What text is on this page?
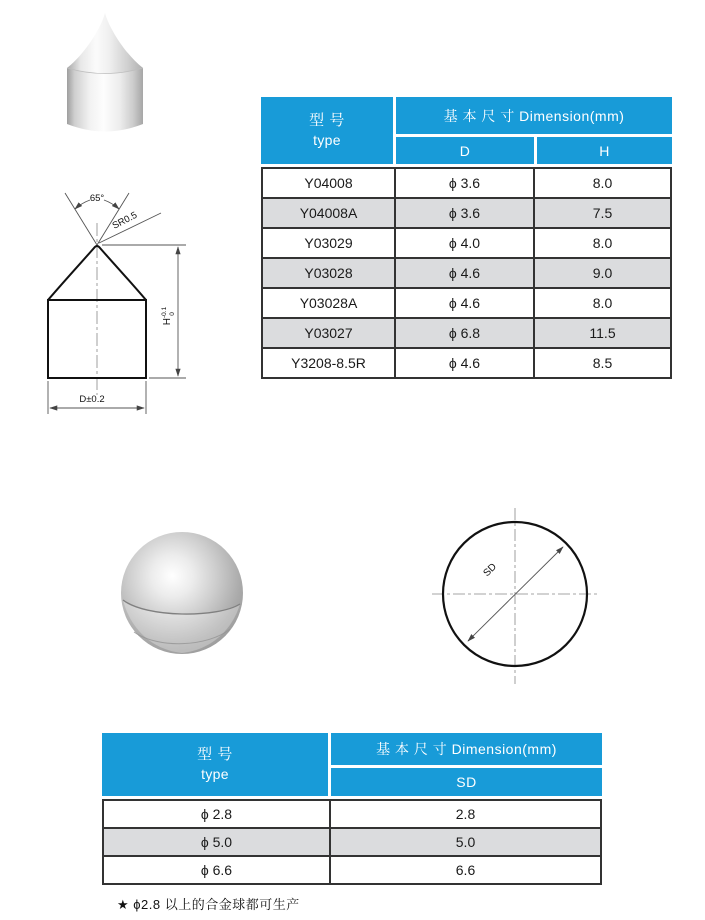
65°
SR0.5
$H^{-0.1}0$
D±0.2
型 号
type
基 本 尺 寸 Dimension(mm)
D	H
Y04008	ϕ 3.6	8.0
Y04008A	ϕ 3.6	7.5
Y03029	ϕ 4.0	8.0
Y03028	ϕ 4.6	9.0
Y03028A	ϕ 4.6	8.0
Y03027	ϕ 6.8	11.5
Y3208-8.5R	ϕ 4.6	8.5
SD
型 号
type
基 本 尺 寸 Dimension(mm)
SD
ϕ 2.8	2.8
ϕ 5.0	5.0
ϕ 6.6	6.6
★ ϕ2.8 以上的合金球都可生产
